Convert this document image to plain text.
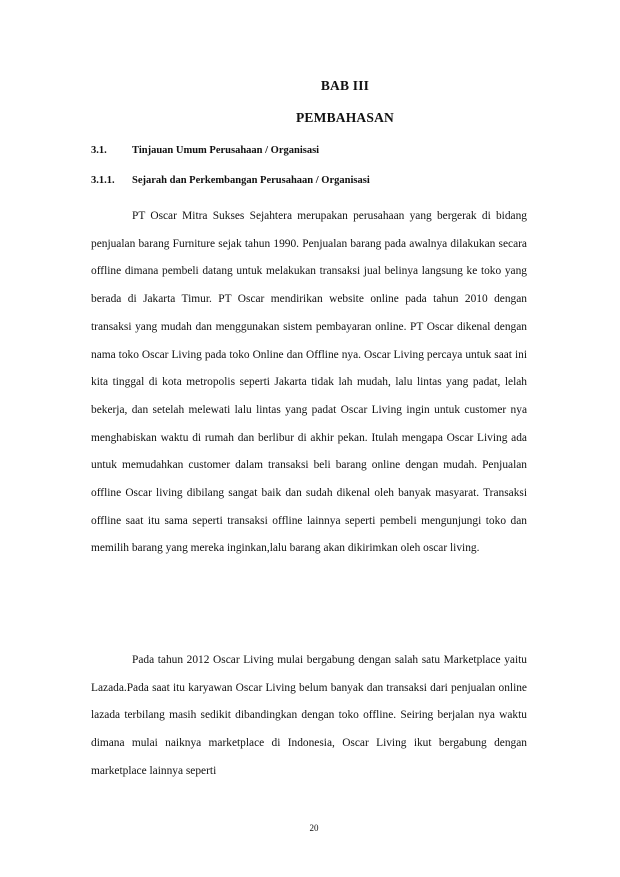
BAB III
PEMBAHASAN
3.1. Tinjauan Umum Perusahaan / Organisasi
3.1.1. Sejarah dan Perkembangan Perusahaan / Organisasi

PT Oscar Mitra Sukses Sejahtera merupakan perusahaan yang bergerak di bidang penjualan barang Furniture sejak tahun 1990. Penjualan barang pada awalnya dilakukan secara offline dimana pembeli datang untuk melakukan transaksi jual belinya langsung ke toko yang berada di Jakarta Timur. PT Oscar mendirikan website online pada tahun 2010 dengan transaksi yang mudah dan menggunakan sistem pembayaran online. PT Oscar dikenal dengan nama toko Oscar Living pada toko Online dan Offline nya. Oscar Living percaya untuk saat ini kita tinggal di kota metropolis seperti Jakarta tidak lah mudah, lalu lintas yang padat, lelah bekerja, dan setelah melewati lalu lintas yang padat Oscar Living ingin untuk customer nya menghabiskan waktu di rumah dan berlibur di akhir pekan. Itulah mengapa Oscar Living ada untuk memudahkan customer dalam transaksi beli barang online dengan mudah. Penjualan offline Oscar living dibilang sangat baik dan sudah dikenal oleh banyak masyarat. Transaksi offline saat itu sama seperti transaksi offline lainnya seperti pembeli mengunjungi toko dan memilih barang yang mereka inginkan,lalu barang akan dikirimkan oleh oscar living.

Pada tahun 2012 Oscar Living mulai bergabung dengan salah satu Marketplace yaitu Lazada.Pada saat itu karyawan Oscar Living belum banyak dan transaksi dari penjualan online lazada terbilang masih sedikit dibandingkan dengan toko offline. Seiring berjalan nya waktu dimana mulai naiknya marketplace di Indonesia, Oscar Living ikut bergabung dengan marketplace lainnya seperti

20
